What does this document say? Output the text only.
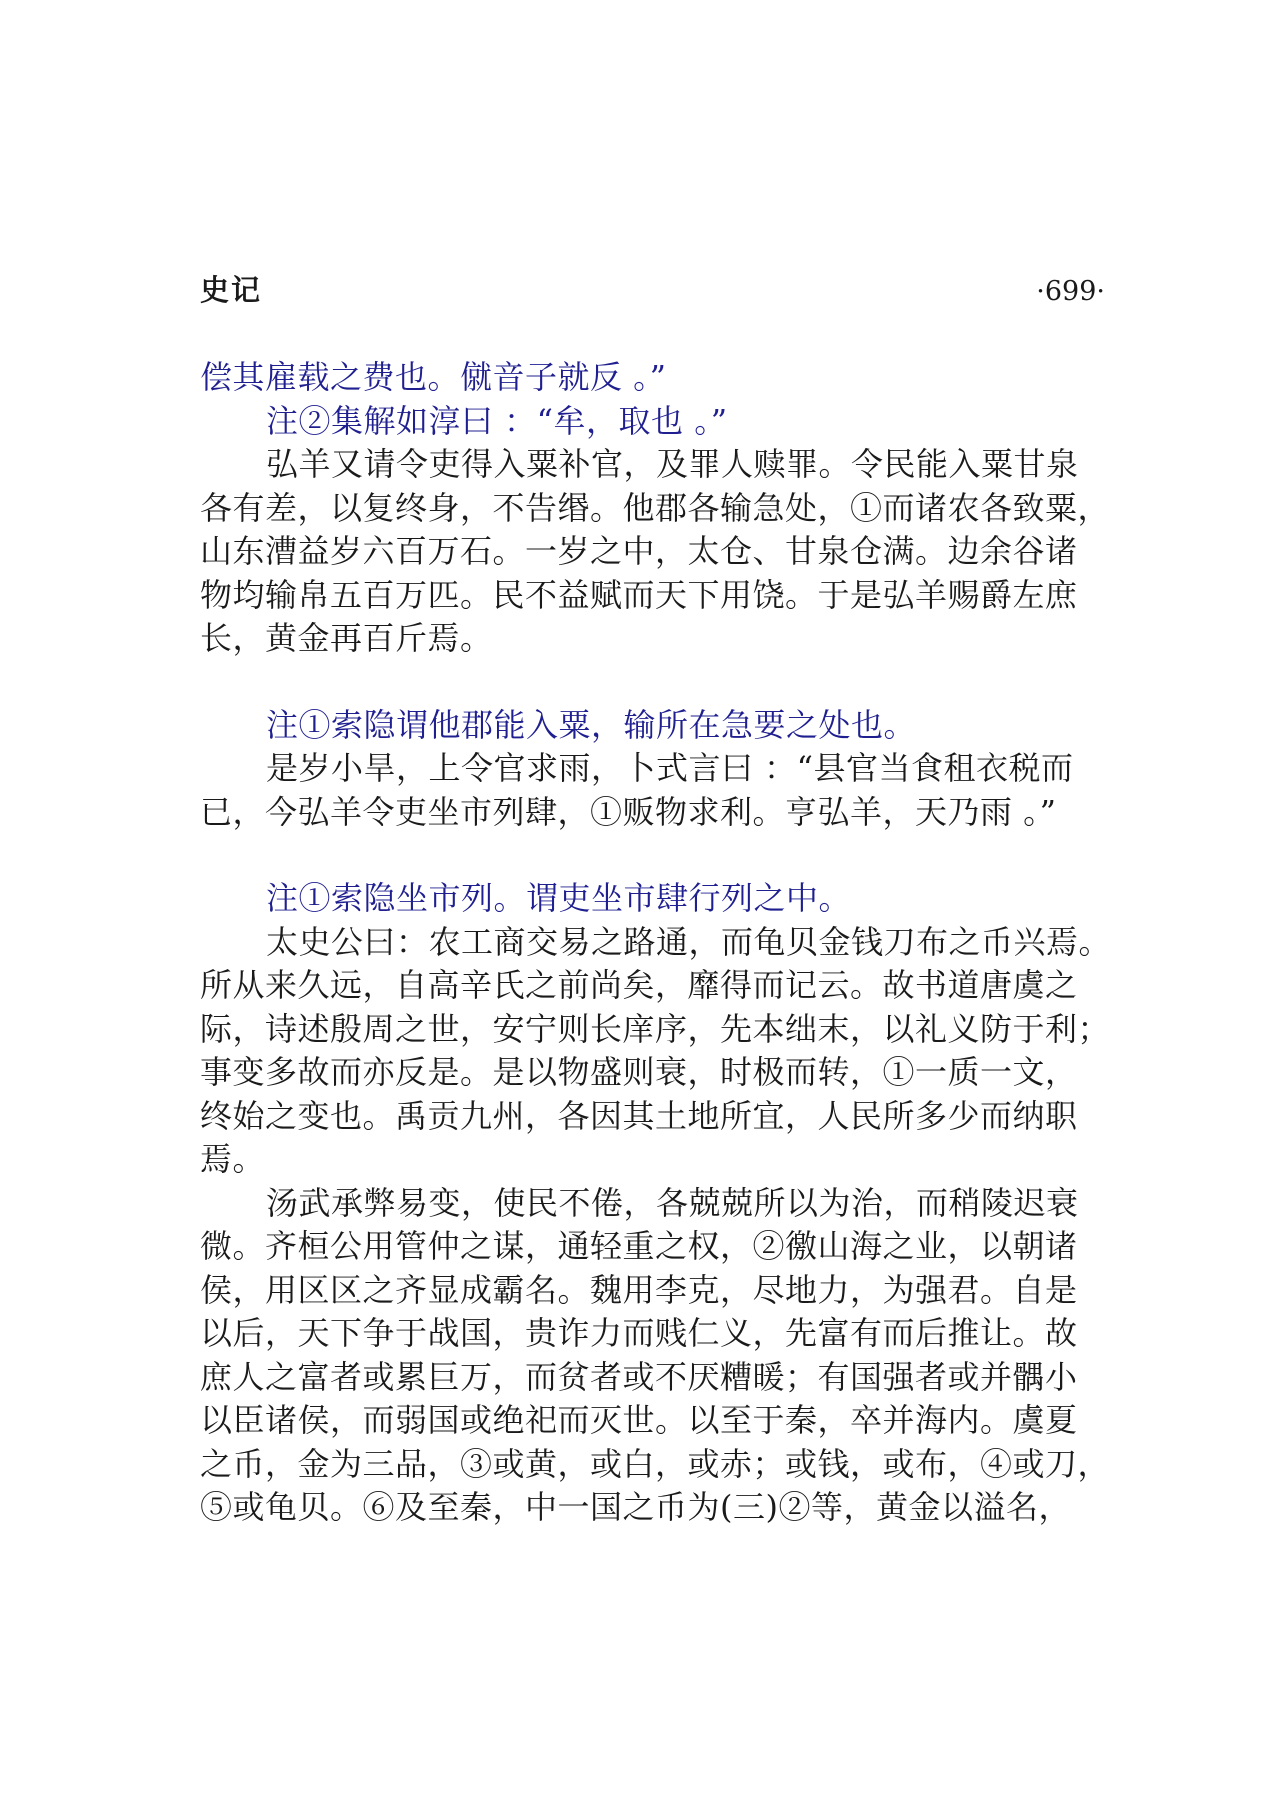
史记	·699·
偿其雇载之费也。僦音子就反 。”
注②集解如淳曰 ：“牟，取也 。”
弘羊又请令吏得入粟补官，及罪人赎罪。令民能入粟甘泉
各有差，以复终身，不告缗。他郡各输急处，①而诸农各致粟，
山东漕益岁六百万石。一岁之中，太仓、甘泉仓满。边余谷诸
物均输帛五百万匹。民不益赋而天下用饶。于是弘羊赐爵左庶
长，黄金再百斤焉。
注①索隐谓他郡能入粟，输所在急要之处也。
是岁小旱，上令官求雨，卜式言曰 ：“县官当食租衣税而
已，今弘羊令吏坐市列肆，①贩物求利。亨弘羊，天乃雨 。”
注①索隐坐市列。谓吏坐市肆行列之中。
太史公曰：农工商交易之路通，而龟贝金钱刀布之币兴焉。
所从来久远，自高辛氏之前尚矣，靡得而记云。故书道唐虞之
际，诗述殷周之世，安宁则长庠序，先本绌末，以礼义防于利；
事变多故而亦反是。是以物盛则衰，时极而转，①一质一文，
终始之变也。禹贡九州，各因其土地所宜，人民所多少而纳职
焉。
汤武承弊易变，使民不倦，各兢兢所以为治，而稍陵迟衰
微。齐桓公用管仲之谋，通轻重之权，②徼山海之业，以朝诸
侯，用区区之齐显成霸名。魏用李克，尽地力，为强君。自是
以后，天下争于战国，贵诈力而贱仁义，先富有而后推让。故
庶人之富者或累巨万，而贫者或不厌糟暖；有国强者或并髃小
以臣诸侯，而弱国或绝祀而灭世。以至于秦，卒并海内。虞夏
之币，金为三品，③或黄，或白，或赤；或钱，或布，④或刀，
⑤或龟贝。⑥及至秦，中一国之币为(三)②等，黄金以溢名，
